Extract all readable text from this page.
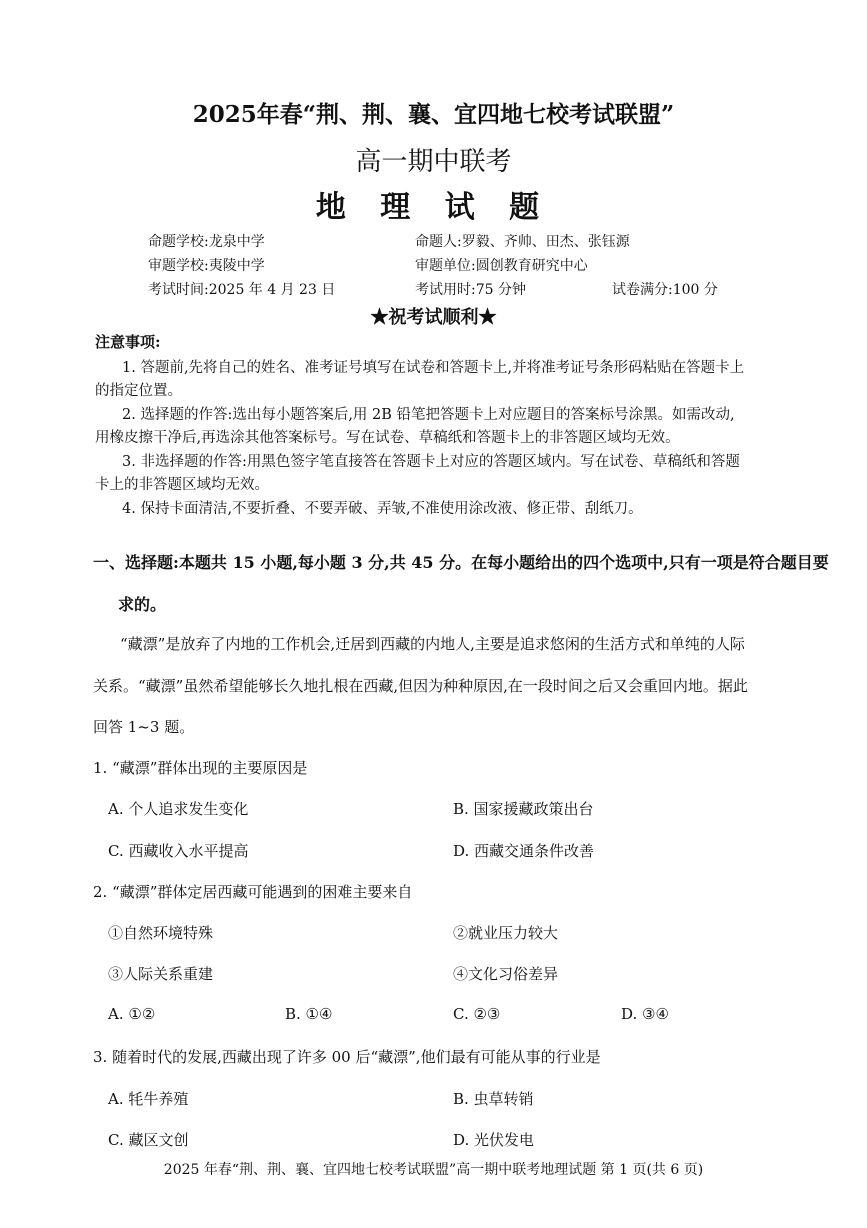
2025年春“荆、荆、襄、宜四地七校考试联盟”
高一期中联考
地 理 试 题
命题学校:龙泉中学	命题人:罗毅、齐帅、田杰、张钰源
审题学校:夷陵中学	审题单位:圆创教育研究中心
考试时间:2025 年 4 月 23 日	考试用时:75 分钟	试卷满分:100 分
★祝考试顺利★
注意事项:
1. 答题前,先将自己的姓名、准考证号填写在试卷和答题卡上,并将准考证号条形码粘贴在答题卡上
的指定位置。
2. 选择题的作答:选出每小题答案后,用 2B 铅笔把答题卡上对应题目的答案标号涂黑。如需改动,
用橡皮擦干净后,再选涂其他答案标号。写在试卷、草稿纸和答题卡上的非答题区域均无效。
3. 非选择题的作答:用黑色签字笔直接答在答题卡上对应的答题区域内。写在试卷、草稿纸和答题
卡上的非答题区域均无效。
4. 保持卡面清洁,不要折叠、不要弄破、弄皱,不准使用涂改液、修正带、刮纸刀。
一、选择题:本题共 15 小题,每小题 3 分,共 45 分。在每小题给出的四个选项中,只有一项是符合题目要
求的。
“藏漂”是放弃了内地的工作机会,迁居到西藏的内地人,主要是追求悠闲的生活方式和单纯的人际
关系。“藏漂”虽然希望能够长久地扎根在西藏,但因为种种原因,在一段时间之后又会重回内地。据此
回答 1~3 题。
1. “藏漂”群体出现的主要原因是
A. 个人追求发生变化	B. 国家援藏政策出台
C. 西藏收入水平提高	D. 西藏交通条件改善
2. “藏漂”群体定居西藏可能遇到的困难主要来自
①自然环境特殊	②就业压力较大
③人际关系重建	④文化习俗差异
A. ①②	B. ①④	C. ②③	D. ③④
3. 随着时代的发展,西藏出现了许多 00 后“藏漂”,他们最有可能从事的行业是
A. 牦牛养殖	B. 虫草转销
C. 藏区文创	D. 光伏发电
2025 年春“荆、荆、襄、宜四地七校考试联盟”高一期中联考地理试题 第 1 页(共 6 页)
